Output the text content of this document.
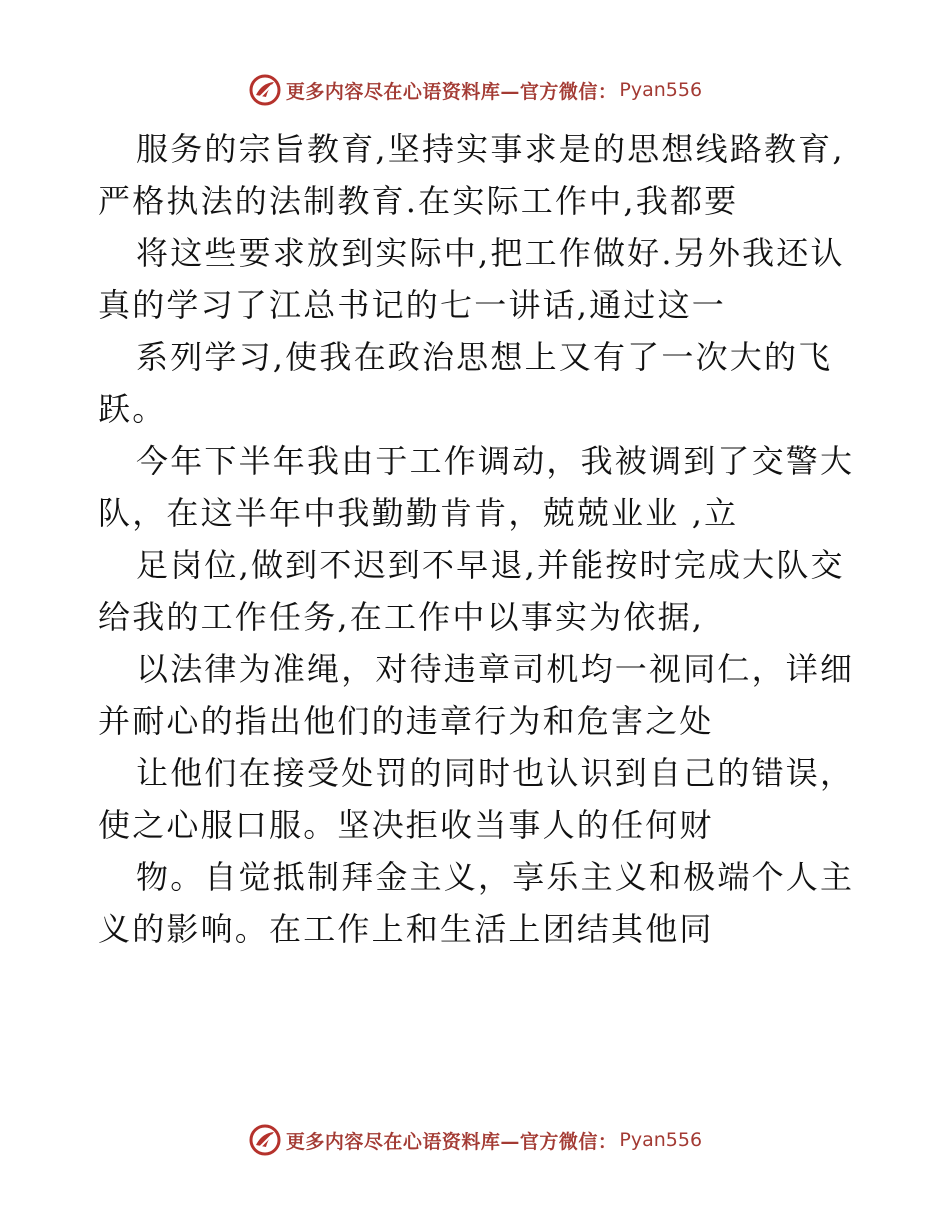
更多内容尽在心语资料库—官方微信： Pyan556

服务的宗旨教育,坚持实事求是的思想线路教育,
严格执法的法制教育.在实际工作中,我都要

将这些要求放到实际中,把工作做好.另外我还认
真的学习了江总书记的七一讲话,通过这一

系列学习,使我在政治思想上又有了一次大的飞
跃。

今年下半年我由于工作调动，我被调到了交警大
队，在这半年中我勤勤肯肯，兢兢业业 ,立

足岗位,做到不迟到不早退,并能按时完成大队交
给我的工作任务,在工作中以事实为依据,

以法律为准绳，对待违章司机均一视同仁，详细
并耐心的指出他们的违章行为和危害之处

让他们在接受处罚的同时也认识到自己的错误，
使之心服口服。坚决拒收当事人的任何财

物。自觉抵制拜金主义，享乐主义和极端个人主
义的影响。在工作上和生活上团结其他同

更多内容尽在心语资料库—官方微信： Pyan556
